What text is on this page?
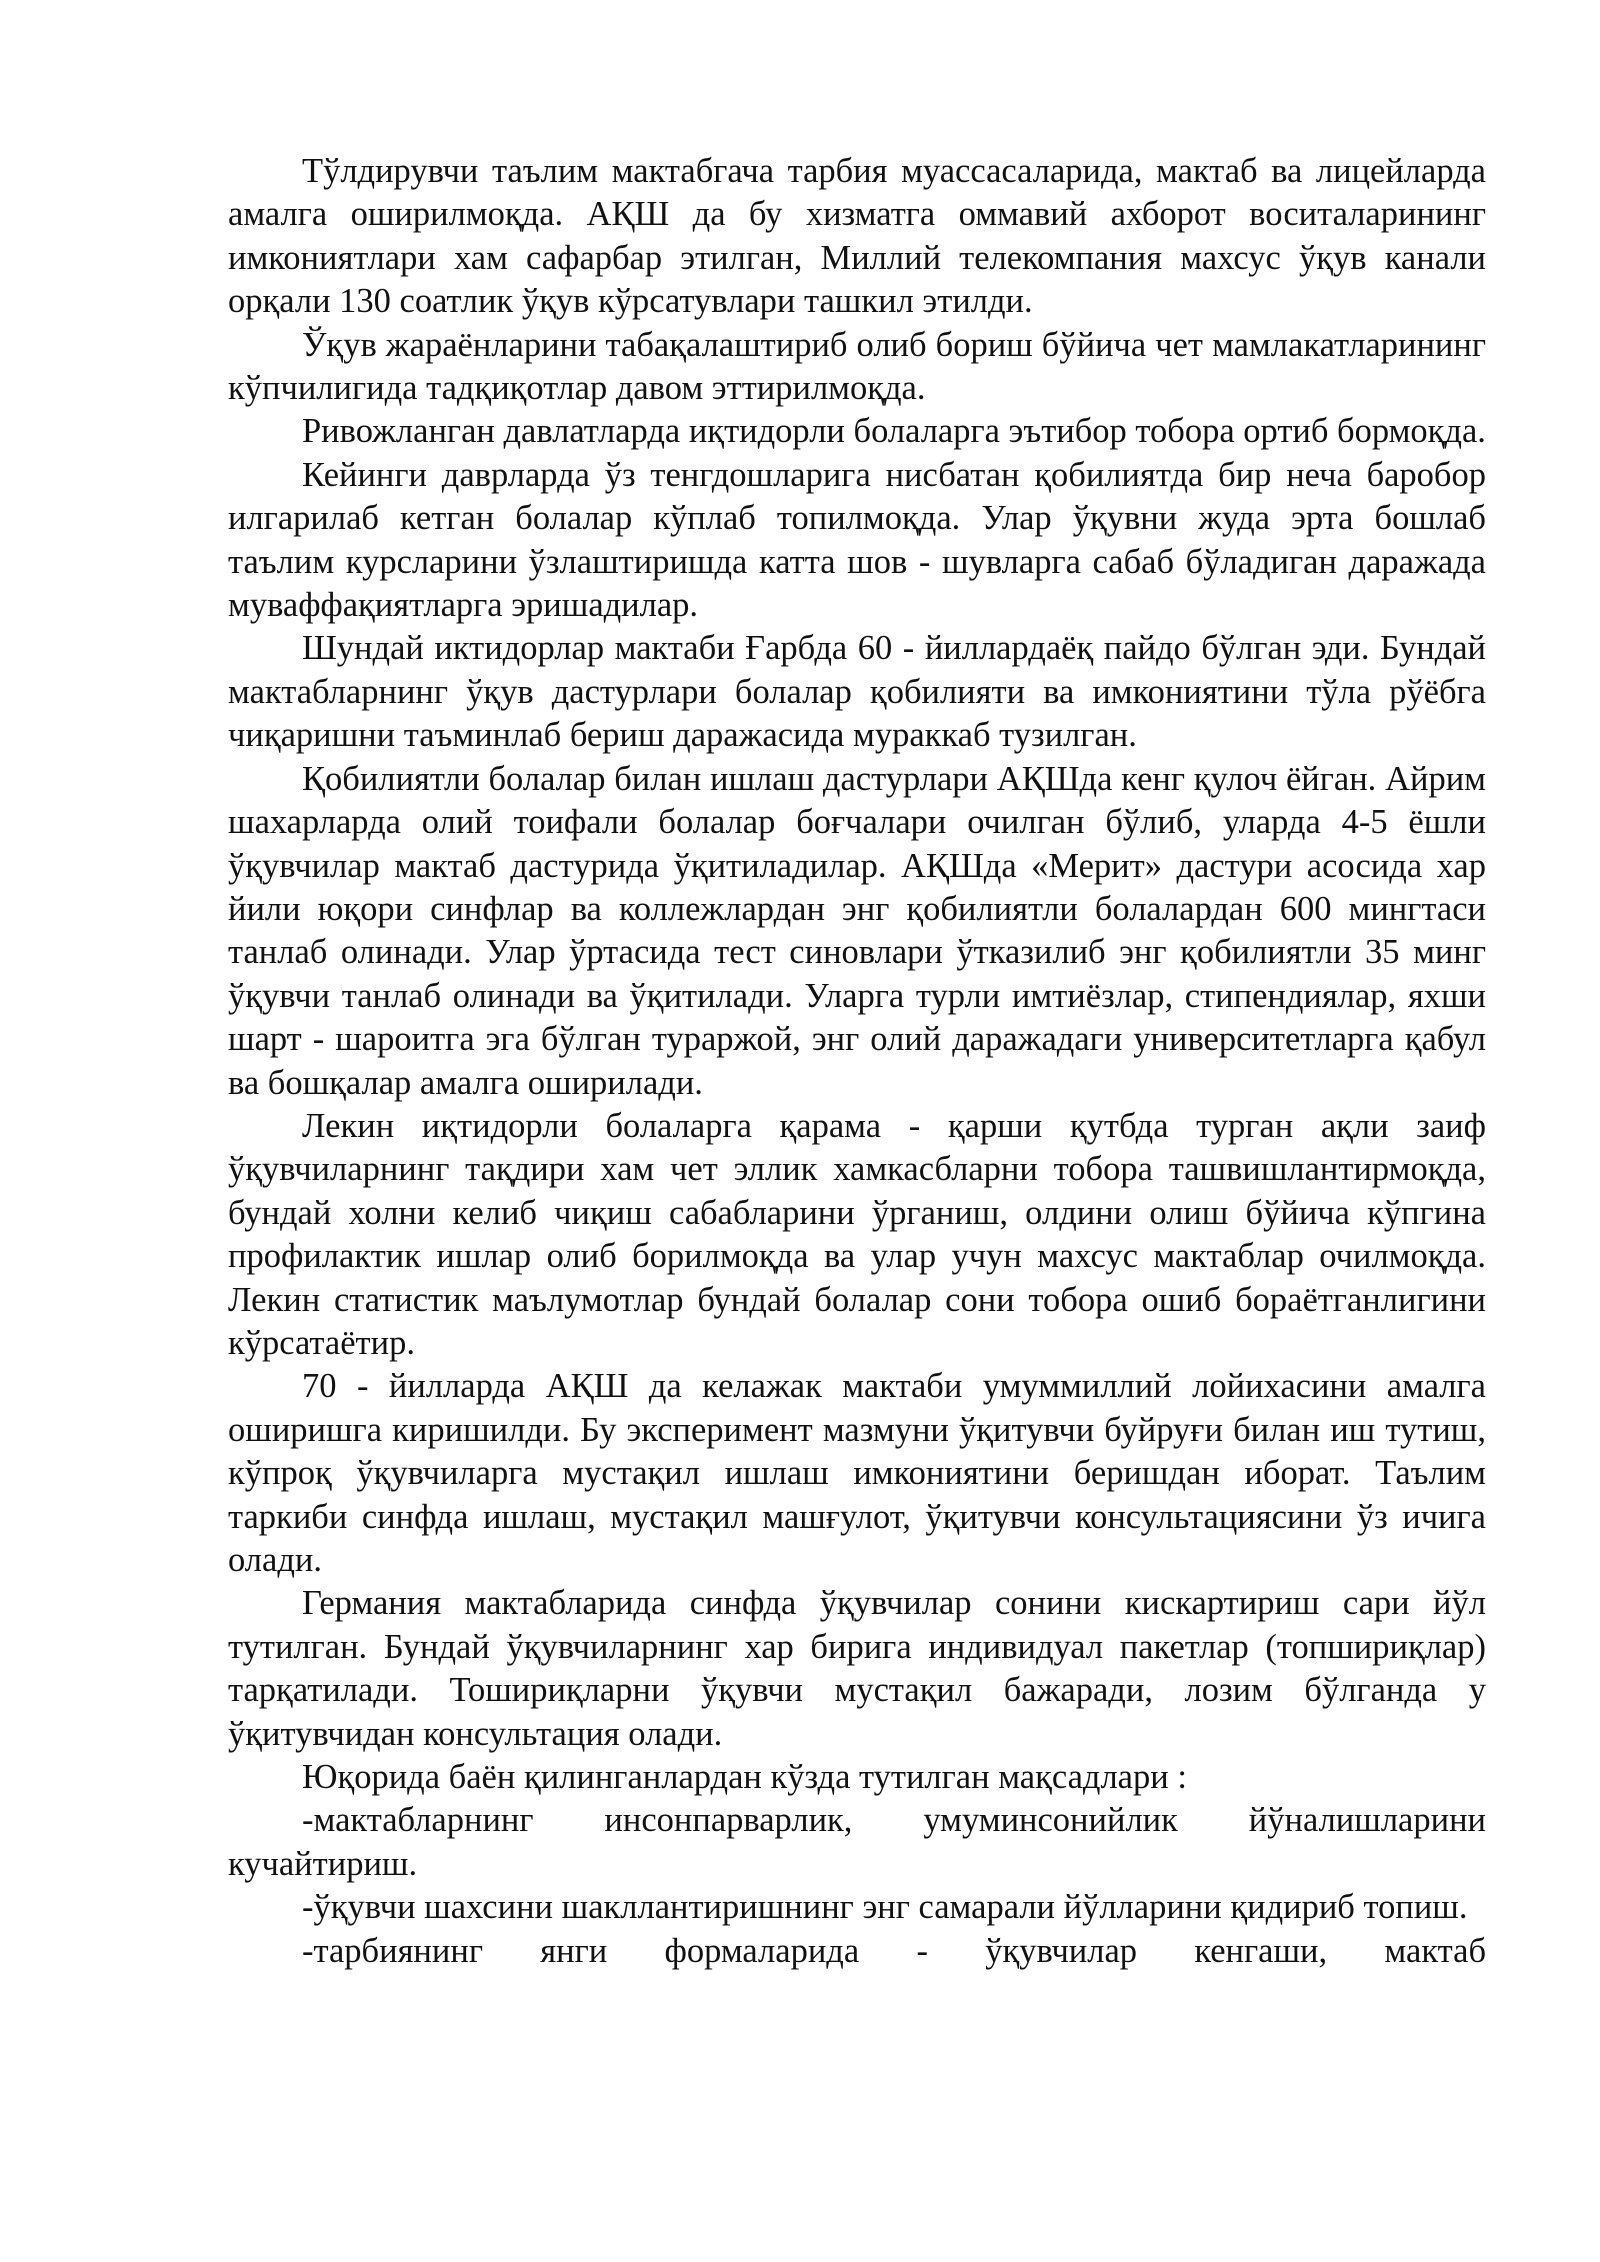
Тўлдирувчи таълим мактабгача тарбия муассасаларида, мактаб ва лицейларда амалга оширилмоқда. АҚШ да бу хизматга оммавий ахборот воситаларининг имкониятлари хам сафарбар этилган, Миллий телекомпания махсус ўқув канали орқали 130 соатлик ўқув кўрсатувлари ташкил этилди.

Ўқув жараёнларини табақалаштириб олиб бориш бўйича чет мамлакатларининг кўпчилигида тадқиқотлар давом эттирилмоқда.

Ривожланган давлатларда иқтидорли болаларга эътибор тобора ортиб бормоқда.

Кейинги даврларда ўз тенгдошларига нисбатан қобилиятда бир неча баробор илгарилаб кетган болалар кўплаб топилмоқда. Улар ўқувни жуда эрта бошлаб таълим курсларини ўзлаштиришда катта шов - шувларга сабаб бўладиган даражада муваффақиятларга эришадилар.

Шундай иктидорлар мактаби Ғарбда 60 - йиллардаёқ пайдо бўлган эди. Бундай мактабларнинг ўқув дастурлари болалар қобилияти ва имкониятини тўла рўёбга чиқаришни таъминлаб бериш даражасида мураккаб тузилган.

Қобилиятли болалар билан ишлаш дастурлари АҚШда кенг қулоч ёйган. Айрим шахарларда олий тоифали болалар боғчалари очилган бўлиб, уларда 4-5 ёшли ўқувчилар мактаб дастурида ўқитиладилар. АҚШда «Мерит» дастури асосида хар йили юқори синфлар ва коллежлардан энг қобилиятли болалардан 600 мингтаси танлаб олинади. Улар ўртасида тест синовлари ўтказилиб энг қобилиятли 35 минг ўқувчи танлаб олинади ва ўқитилади. Уларга турли имтиёзлар, стипендиялар, яхши шарт - шароитга эга бўлган тураржой, энг олий даражадаги университетларга қабул ва бошқалар амалга оширилади.

Лекин иқтидорли болаларга қарама - қарши қутбда турган ақли заиф ўқувчиларнинг тақдири хам чет эллик хамкасбларни тобора ташвишлантирмоқда, бундай холни келиб чиқиш сабабларини ўрганиш, олдини олиш бўйича кўпгина профилактик ишлар олиб борилмоқда ва улар учун махсус мактаблар очилмоқда. Лекин статистик маълумотлар бундай болалар сони тобора ошиб бораётганлигини кўрсатаётир.

70 - йилларда АҚШ да келажак мактаби умуммиллий лойихасини амалга оширишга киришилди. Бу эксперимент мазмуни ўқитувчи буйруғи билан иш тутиш, кўпроқ ўқувчиларга мустақил ишлаш имкониятини беришдан иборат. Таълим таркиби синфда ишлаш, мустақил машғулот, ўқитувчи консультациясини ўз ичига олади.

Германия мактабларида синфда ўқувчилар сонини кискартириш сари йўл тутилган. Бундай ўқувчиларнинг хар бирига индивидуал пакетлар (топшириқлар) тарқатилади. Тошириқларни ўқувчи мустақил бажаради, лозим бўлганда у ўқитувчидан консультация олади.

Юқорида баён қилинганлардан кўзда тутилган мақсадлари :

-мактабларнинг инсонпарварлик, умуминсонийлик йўналишларини кучайтириш.

-ўқувчи шахсини шакллантиришнинг энг самарали йўлларини қидириб топиш.

-тарбиянинг янги формаларида - ўқувчилар кенгаши, мактаб
